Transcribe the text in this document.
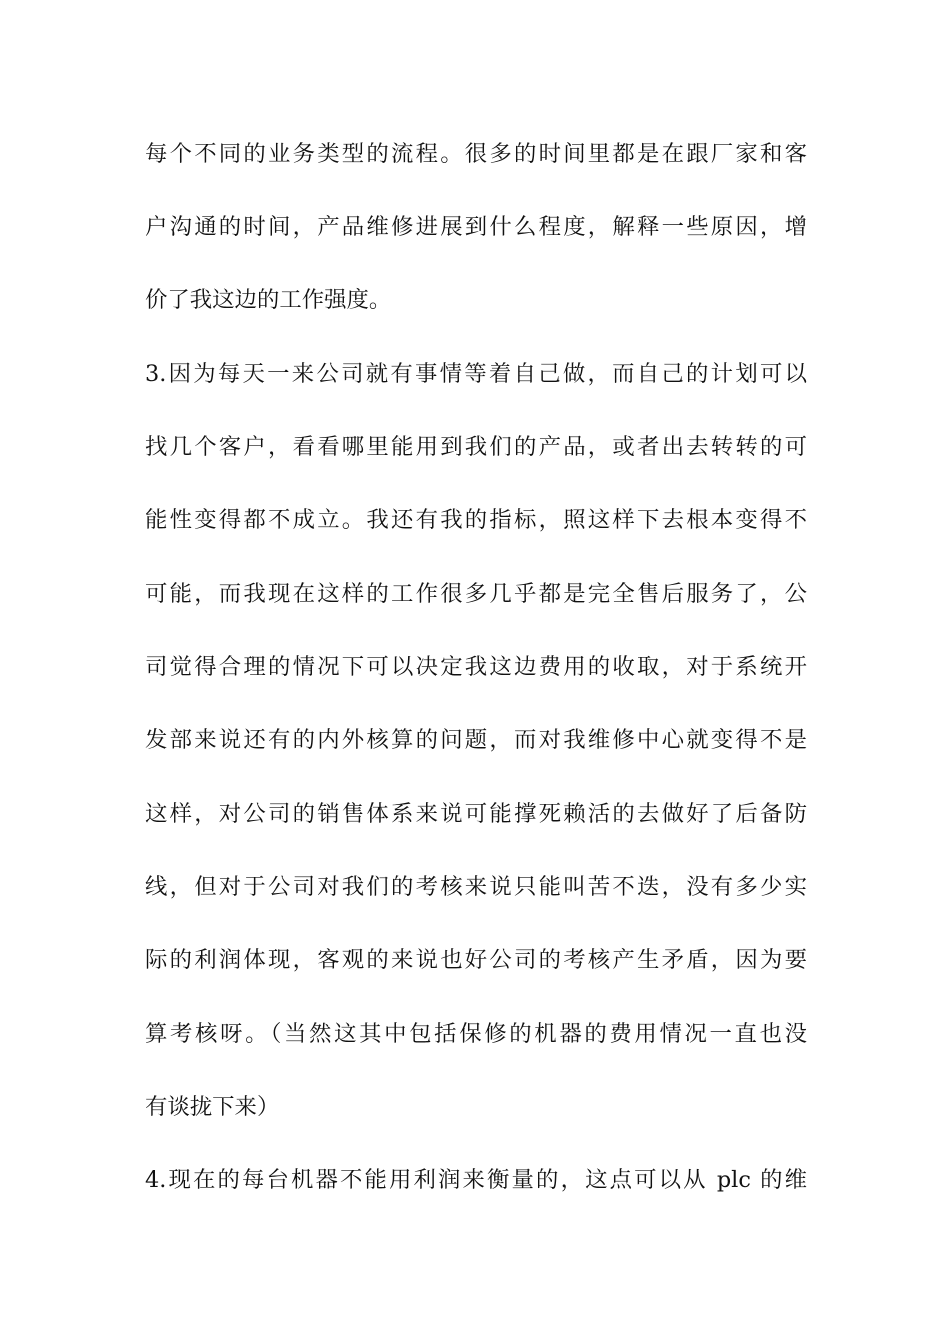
每个不同的业务类型的流程。很多的时间里都是在跟厂家和客
户沟通的时间，产品维修进展到什么程度，解释一些原因，增
价了我这边的工作强度。
3.因为每天一来公司就有事情等着自己做，而自己的计划可以
找几个客户，看看哪里能用到我们的产品，或者出去转转的可
能性变得都不成立。我还有我的指标，照这样下去根本变得不
可能，而我现在这样的工作很多几乎都是完全售后服务了，公
司觉得合理的情况下可以决定我这边费用的收取，对于系统开
发部来说还有的内外核算的问题，而对我维修中心就变得不是
这样，对公司的销售体系来说可能撑死赖活的去做好了后备防
线，但对于公司对我们的考核来说只能叫苦不迭，没有多少实
际的利润体现，客观的来说也好公司的考核产生矛盾，因为要
算考核呀。（当然这其中包括保修的机器的费用情况一直也没
有谈拢下来）
4.现在的每台机器不能用利润来衡量的，这点可以从 plc 的维
